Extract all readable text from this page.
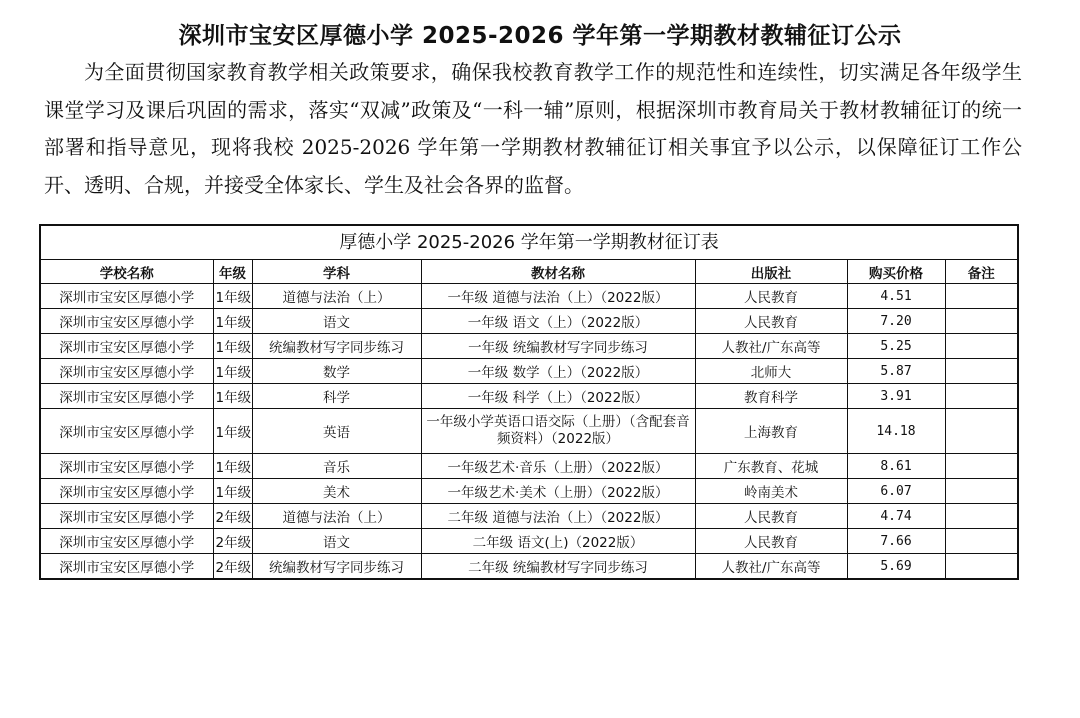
深圳市宝安区厚德小学 2025-2026 学年第一学期教材教辅征订公示

为全面贯彻国家教育教学相关政策要求，确保我校教育教学工作的规范性和连续性，切实满足各年级学生课堂学习及课后巩固的需求，落实“双减”政策及“一科一辅”原则，根据深圳市教育局关于教材教辅征订的统一部署和指导意见，现将我校 2025-2026 学年第一学期教材教辅征订相关事宜予以公示，以保障征订工作公开、透明、合规，并接受全体家长、学生及社会各界的监督。

厚德小学 2025-2026 学年第一学期教材征订表
学校名称	年级	学科	教材名称	出版社	购买价格	备注
深圳市宝安区厚德小学	1年级	道德与法治（上）	一年级 道德与法治（上）（2022版）	人民教育	4.51	
深圳市宝安区厚德小学	1年级	语文	一年级 语文（上）（2022版）	人民教育	7.20	
深圳市宝安区厚德小学	1年级	统编教材写字同步练习	一年级 统编教材写字同步练习	人教社/广东高等	5.25	
深圳市宝安区厚德小学	1年级	数学	一年级 数学（上）（2022版）	北师大	5.87	
深圳市宝安区厚德小学	1年级	科学	一年级 科学（上）（2022版）	教育科学	3.91	
深圳市宝安区厚德小学	1年级	英语	一年级小学英语口语交际（上册）（含配套音频资料）（2022版）	上海教育	14.18	
深圳市宝安区厚德小学	1年级	音乐	一年级艺术·音乐（上册）（2022版）	广东教育、花城	8.61	
深圳市宝安区厚德小学	1年级	美术	一年级艺术·美术（上册）（2022版）	岭南美术	6.07	
深圳市宝安区厚德小学	2年级	道德与法治（上）	二年级 道德与法治（上）（2022版）	人民教育	4.74	
深圳市宝安区厚德小学	2年级	语文	二年级 语文(上)（2022版）	人民教育	7.66	
深圳市宝安区厚德小学	2年级	统编教材写字同步练习	二年级 统编教材写字同步练习	人教社/广东高等	5.69	
